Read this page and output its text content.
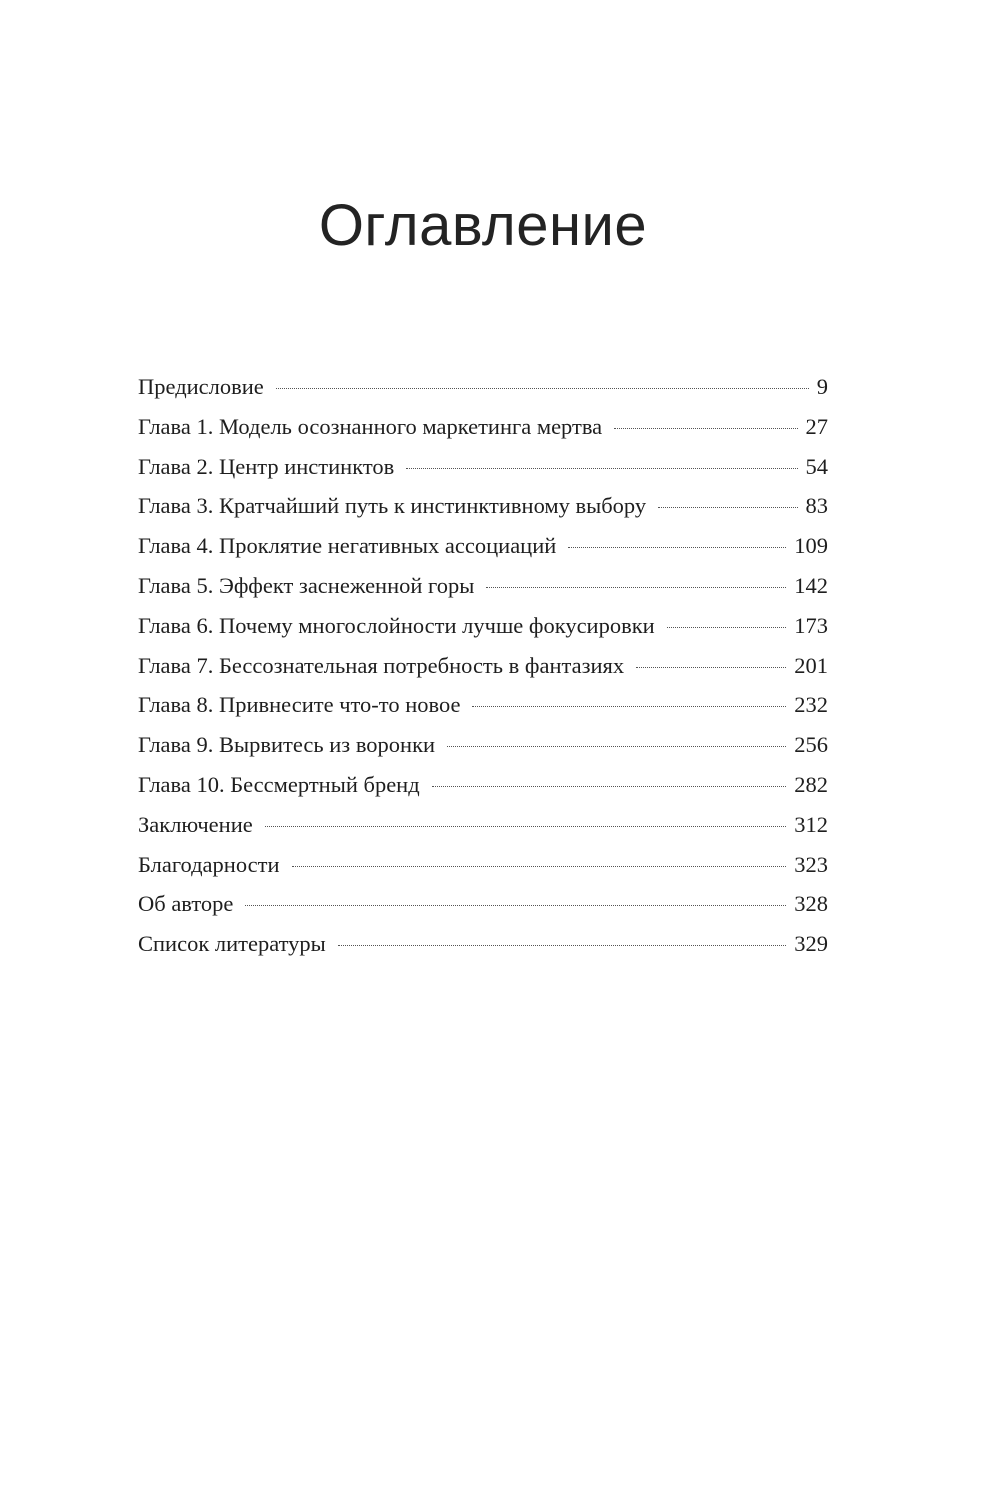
Оглавление
Предисловие	9
Глава 1. Модель осознанного маркетинга мертва	27
Глава 2. Центр инстинктов	54
Глава 3. Кратчайший путь к инстинктивному выбору	83
Глава 4. Проклятие негативных ассоциаций	109
Глава 5. Эффект заснеженной горы	142
Глава 6. Почему многослойности лучше фокусировки	173
Глава 7. Бессознательная потребность в фантазиях	201
Глава 8. Привнесите что-то новое	232
Глава 9. Вырвитесь из воронки	256
Глава 10. Бессмертный бренд	282
Заключение	312
Благодарности	323
Об авторе	328
Список литературы	329
